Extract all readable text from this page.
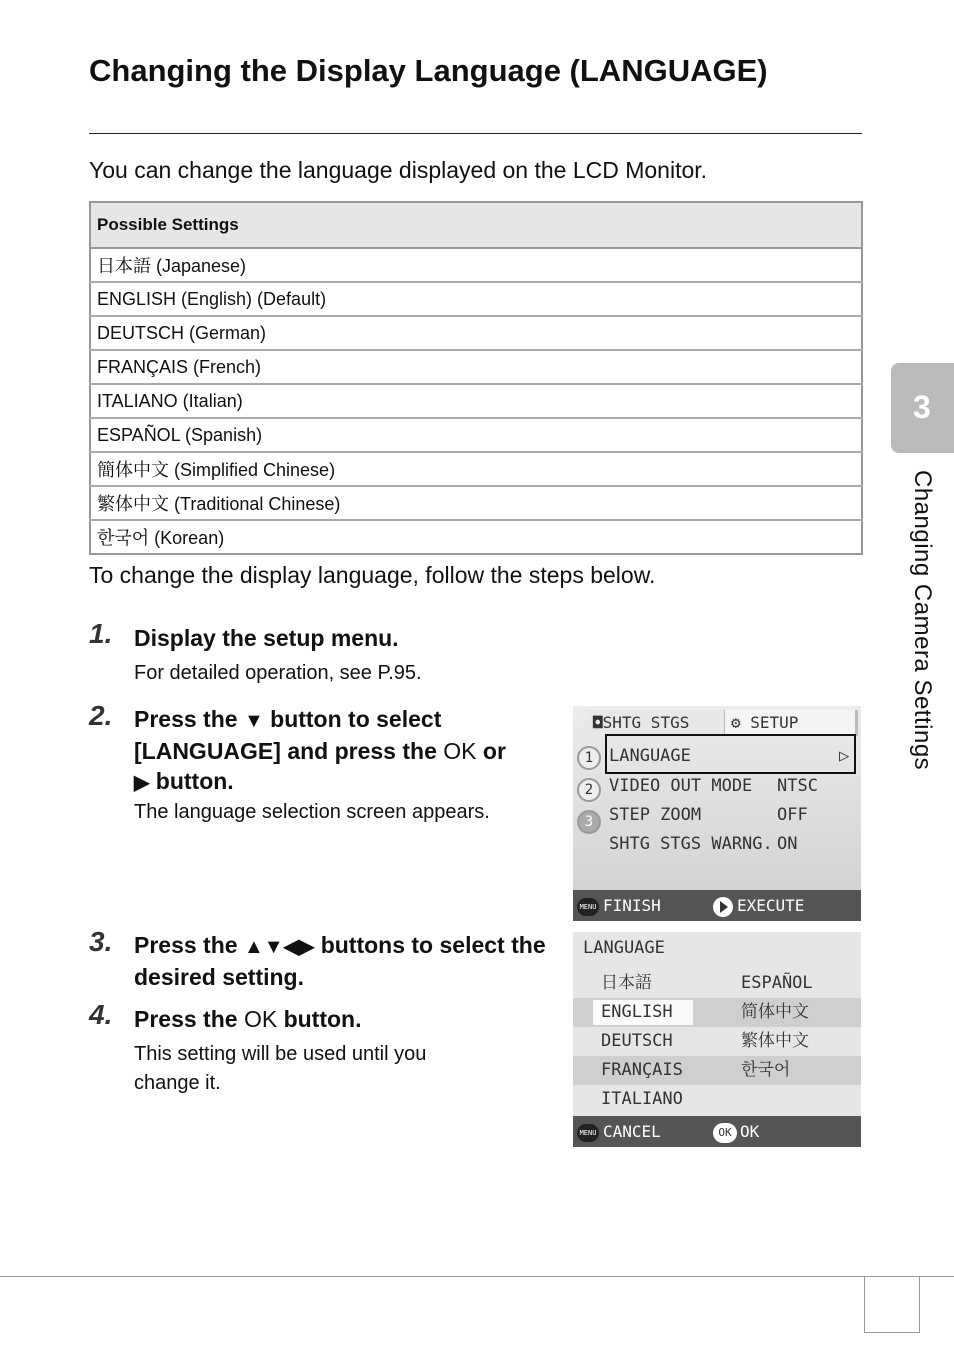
Changing the Display Language (LANGUAGE)
You can change the language displayed on the LCD Monitor.
Possible Settings
日本語 (Japanese)
ENGLISH (English) (Default)
DEUTSCH (German)
FRANÇAIS (French)
ITALIANO (Italian)
ESPAÑOL (Spanish)
簡体中文 (Simplified Chinese)
繁体中文 (Traditional Chinese)
한국어 (Korean)
To change the display language, follow the steps below.
1. Display the setup menu.
For detailed operation, see P.95.
2. Press the ▼ button to select [LANGUAGE] and press the OK or
▶ button.
The language selection screen appears.
3. Press the ▲▼◀▶ buttons to select the desired setting.
4. Press the OK button.
This setting will be used until you change it.
◘SHTG STGS	⚙ SETUP
1
2
3
LANGUAGE	▷
VIDEO OUT MODE NTSC
STEP ZOOM	OFF
SHTG STGS WARNG. ON
MENU FINISH	EXECUTE
LANGUAGE
日本語	ESPAÑOL
ENGLISH	简体中文
DEUTSCH	繁体中文
FRANÇAIS	한국어
ITALIANO
MENU CANCEL	OK OK
3
Changing Camera Settings
